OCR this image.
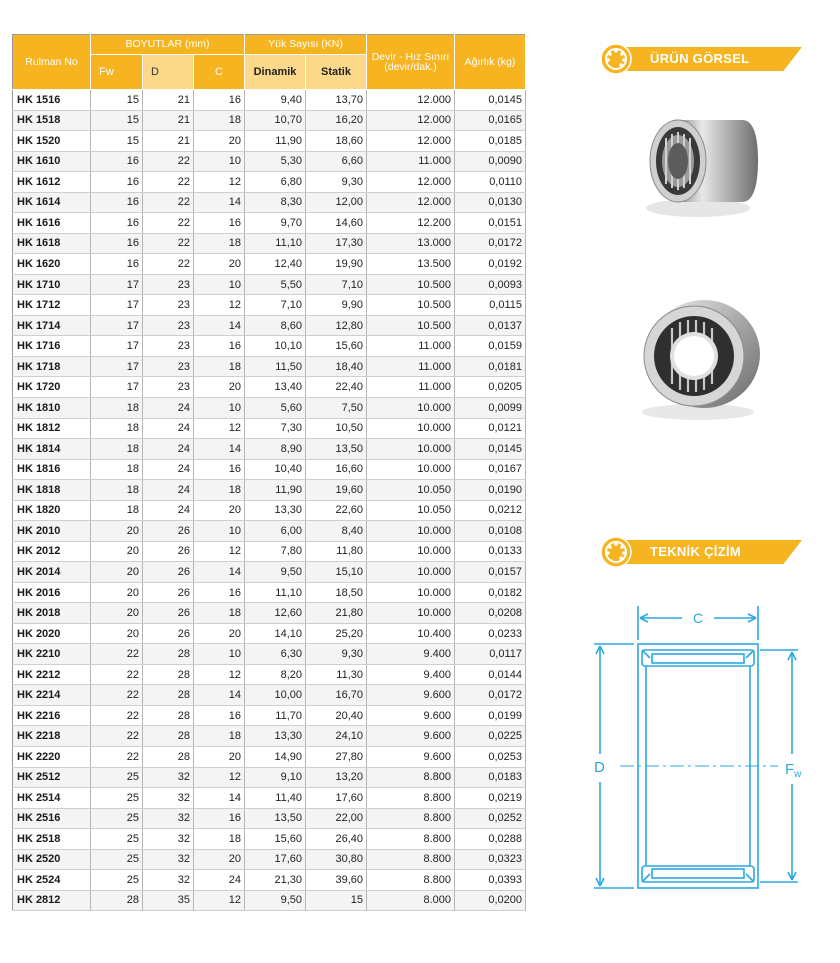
Rulman No	BOYUTLAR (mm)			Yük Sayısı (KN)		Devir - Hız Sınırı (devir/dak.)	Ağırlık (kg)
	Fw	D	C	Dinamik	Statik		
HK 1516	15	21	16	9,40	13,70	12.000	0,0145
HK 1518	15	21	18	10,70	16,20	12.000	0,0165
HK 1520	15	21	20	11,90	18,60	12.000	0,0185
HK 1610	16	22	10	5,30	6,60	11.000	0,0090
HK 1612	16	22	12	6,80	9,30	12.000	0,0110
HK 1614	16	22	14	8,30	12,00	12.000	0,0130
HK 1616	16	22	16	9,70	14,60	12.200	0,0151
HK 1618	16	22	18	11,10	17,30	13.000	0,0172
HK 1620	16	22	20	12,40	19,90	13.500	0,0192
HK 1710	17	23	10	5,50	7,10	10.500	0,0093
HK 1712	17	23	12	7,10	9,90	10.500	0,0115
HK 1714	17	23	14	8,60	12,80	10.500	0,0137
HK 1716	17	23	16	10,10	15,60	11.000	0,0159
HK 1718	17	23	18	11,50	18,40	11.000	0,0181
HK 1720	17	23	20	13,40	22,40	11.000	0,0205
HK 1810	18	24	10	5,60	7,50	10.000	0,0099
HK 1812	18	24	12	7,30	10,50	10.000	0,0121
HK 1814	18	24	14	8,90	13,50	10.000	0,0145
HK 1816	18	24	16	10,40	16,60	10.000	0,0167
HK 1818	18	24	18	11,90	19,60	10.050	0,0190
HK 1820	18	24	20	13,30	22,60	10.050	0,0212
HK 2010	20	26	10	6,00	8,40	10.000	0,0108
HK 2012	20	26	12	7,80	11,80	10.000	0,0133
HK 2014	20	26	14	9,50	15,10	10.000	0,0157
HK 2016	20	26	16	11,10	18,50	10.000	0,0182
HK 2018	20	26	18	12,60	21,80	10.000	0,0208
HK 2020	20	26	20	14,10	25,20	10.400	0,0233
HK 2210	22	28	10	6,30	9,30	9.400	0,0117
HK 2212	22	28	12	8,20	11,30	9.400	0,0144
HK 2214	22	28	14	10,00	16,70	9.600	0,0172
HK 2216	22	28	16	11,70	20,40	9.600	0,0199
HK 2218	22	28	18	13,30	24,10	9.600	0,0225
HK 2220	22	28	20	14,90	27,80	9.600	0,0253
HK 2512	25	32	12	9,10	13,20	8.800	0,0183
HK 2514	25	32	14	11,40	17,60	8.800	0,0219
HK 2516	25	32	16	13,50	22,00	8.800	0,0252
HK 2518	25	32	18	15,60	26,40	8.800	0,0288
HK 2520	25	32	20	17,60	30,80	8.800	0,0323
HK 2524	25	32	24	21,30	39,60	8.800	0,0393
HK 2812	28	35	12	9,50	15	8.000	0,0200
ÜRÜN GÖRSEL
TEKNİK ÇİZİM
C
D	$F_w$
